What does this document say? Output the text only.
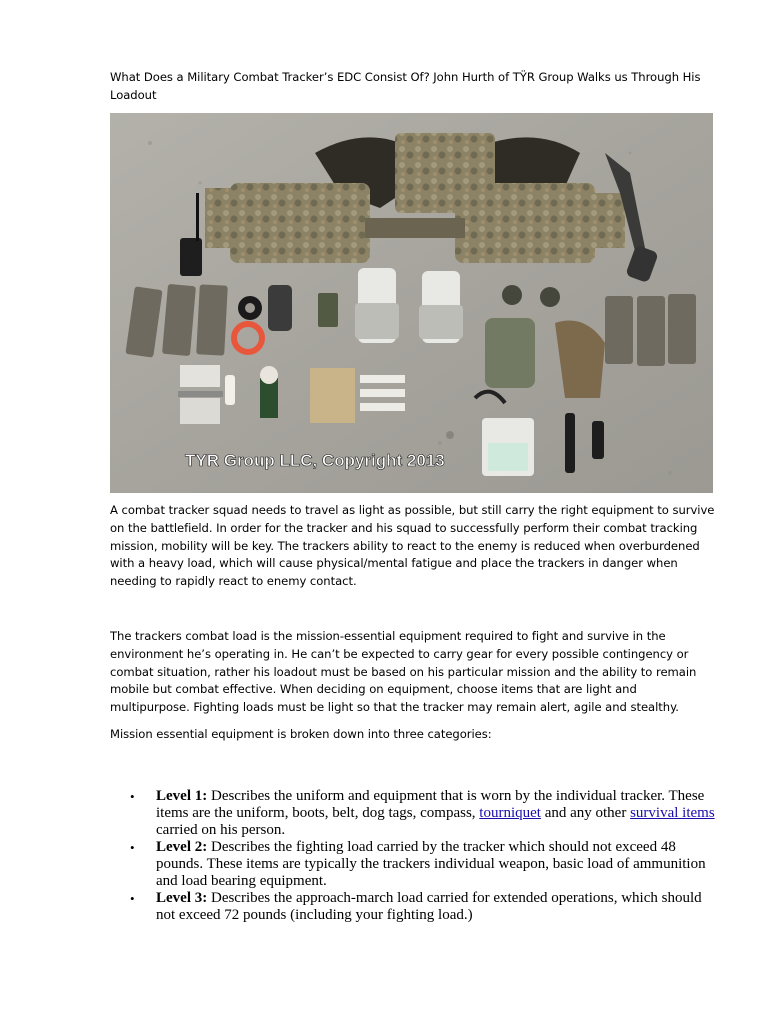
What Does a Military Combat Tracker’s EDC Consist Of? John Hurth of TŸR Group Walks us Through His Loadout
TYR Group LLC, Copyright 2013

A combat tracker squad needs to travel as light as possible, but still carry the right equipment to survive on the battlefield. In order for the tracker and his squad to successfully perform their combat tracking mission, mobility will be key. The trackers ability to react to the enemy is reduced when overburdened with a heavy load, which will cause physical/mental fatigue and place the trackers in danger when needing to rapidly react to enemy contact.

The trackers combat load is the mission-essential equipment required to fight and survive in the environment he’s operating in. He can’t be expected to carry gear for every possible contingency or combat situation, rather his loadout must be based on his particular mission and the ability to remain mobile but combat effective. When deciding on equipment, choose items that are light and multipurpose. Fighting loads must be light so that the tracker may remain alert, agile and stealthy.

Mission essential equipment is broken down into three categories:

• Level 1: Describes the uniform and equipment that is worn by the individual tracker. These items are the uniform, boots, belt, dog tags, compass, tourniquet and any other survival items carried on his person.
• Level 2: Describes the fighting load carried by the tracker which should not exceed 48 pounds. These items are typically the trackers individual weapon, basic load of ammunition and load bearing equipment.
• Level 3: Describes the approach-march load carried for extended operations, which should not exceed 72 pounds (including your fighting load.)
